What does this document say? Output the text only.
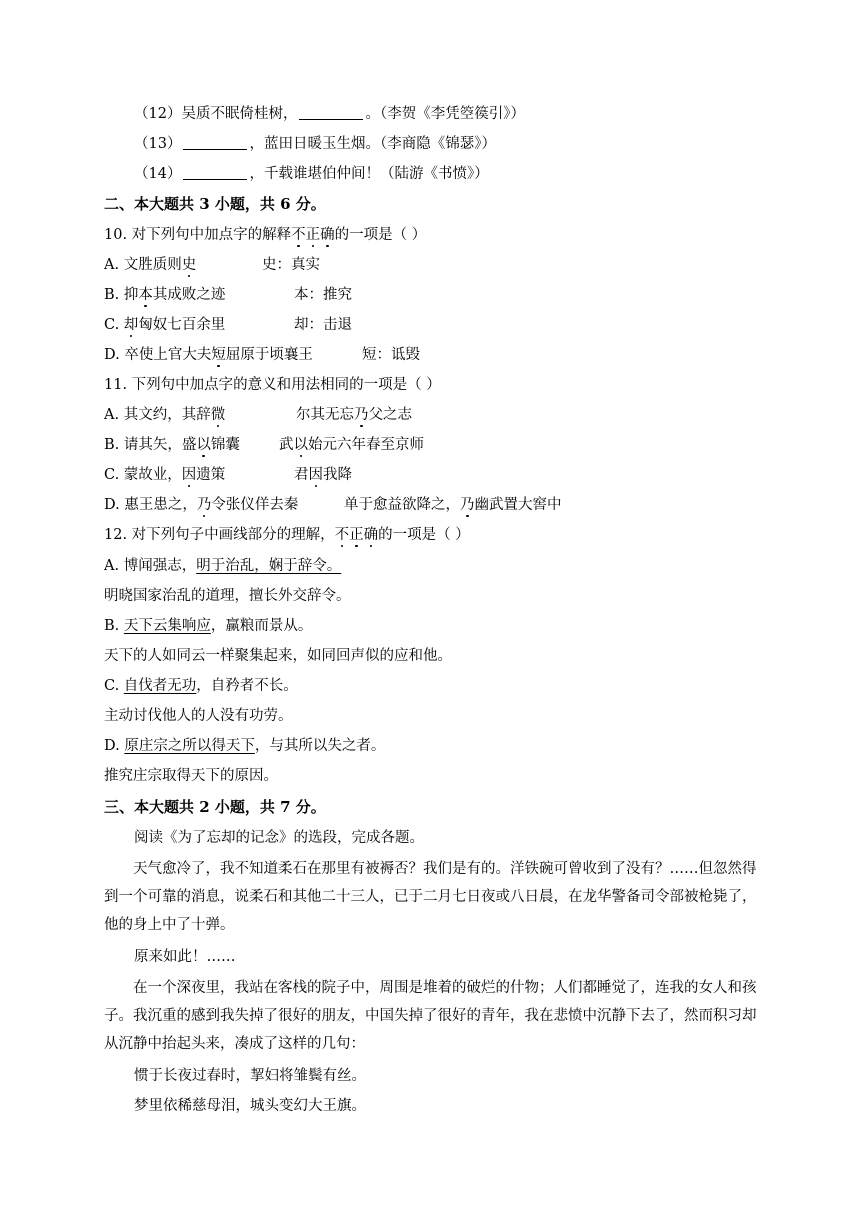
（12）吴质不眠倚桂树，	。（李贺《李凭箜篌引》）
（13）	，蓝田日暖玉生烟。（李商隐《锦瑟》）
（14）	，千载谁堪伯仲间！（陆游《书愤》）
二、本大题共 3 小题，共 6 分。
10. 对下列句中加点字的解释不正确的一项是（ ）
A. 文胜质则史	史：真实
B. 抑本其成败之迹	本：推究
C. 却匈奴七百余里	却：击退
D. 卒使上官大夫短屈原于顷襄王	短：诋毁
11. 下列句中加点字的意义和用法相同的一项是（ ）
A. 其文约，其辞微	尔其无忘乃父之志
B. 请其矢，盛以锦囊	武以始元六年春至京师
C. 蒙故业，因遗策	君因我降
D. 惠王患之，乃令张仪佯去秦	单于愈益欲降之，乃幽武置大窖中
12. 对下列句子中画线部分的理解，不正确的一项是（ ）
A. 博闻强志，明于治乱，娴于辞令。
明晓国家治乱的道理，擅长外交辞令。
B. 天下云集响应，赢粮而景从。
天下的人如同云一样聚集起来，如同回声似的应和他。
C. 自伐者无功，自矜者不长。
主动讨伐他人的人没有功劳。
D. 原庄宗之所以得天下，与其所以失之者。
推究庄宗取得天下的原因。
三、本大题共 2 小题，共 7 分。
阅读《为了忘却的记念》的选段，完成各题。
天气愈冷了，我不知道柔石在那里有被褥否？我们是有的。洋铁碗可曾收到了没有？……但忽然得到一个可靠的消息，说柔石和其他二十三人，已于二月七日夜或八日晨，在龙华警备司令部被枪毙了，他的身上中了十弹。
原来如此！……
在一个深夜里，我站在客栈的院子中，周围是堆着的破烂的什物；人们都睡觉了，连我的女人和孩子。我沉重的感到我失掉了很好的朋友，中国失掉了很好的青年，我在悲愤中沉静下去了，然而积习却从沉静中抬起头来，凑成了这样的几句：
惯于长夜过春时，挈妇将雏鬓有丝。
梦里依稀慈母泪，城头变幻大王旗。
